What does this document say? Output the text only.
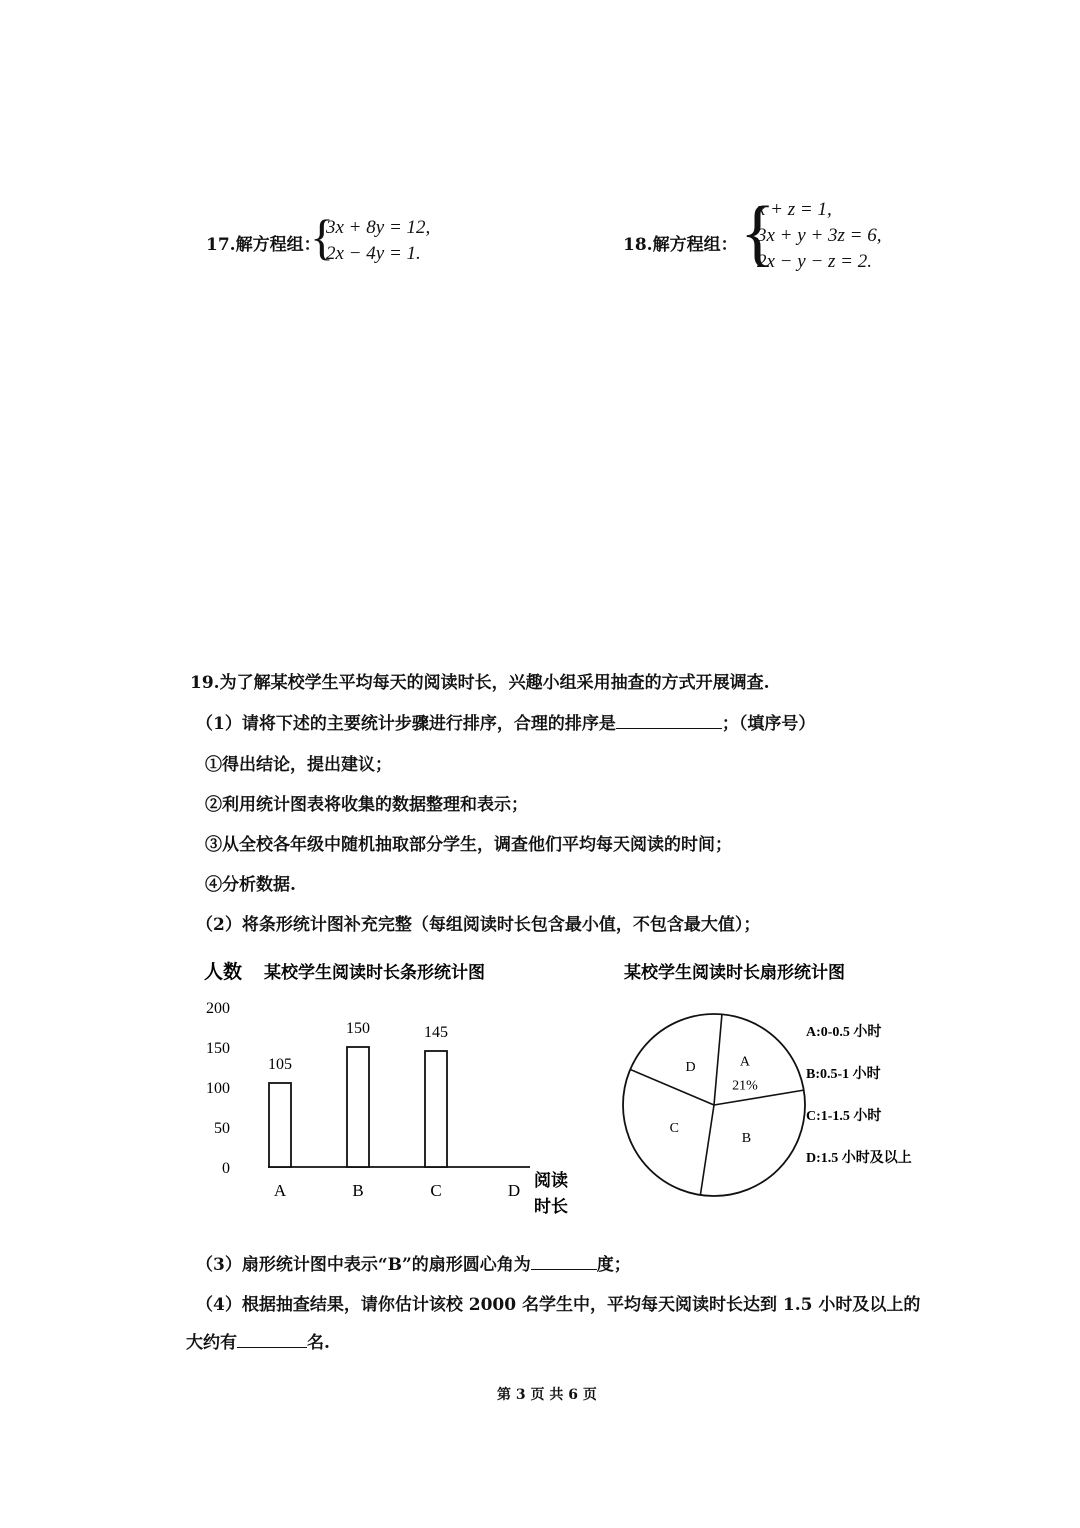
17.解方程组：
{
3x + 8y = 12,
2x − 4y = 1.	18.解方程组： {
x + z = 1,
3x + y + 3z = 6,
2x − y − z = 2.
19.为了解某校学生平均每天的阅读时长，兴趣小组采用抽查的方式开展调查.
（1）请将下述的主要统计步骤进行排序，合理的排序是	；（填序号）
①得出结论，提出建议；
②利用统计图表将收集的数据整理和表示；
③从全校各年级中随机抽取部分学生，调查他们平均每天阅读的时间；
④分析数据.
（2）将条形统计图补充完整（每组阅读时长包含最小值，不包含最大值）；
人数 某校学生阅读时长条形统计图
0
50
100
150
200
105
150	145
A	B	C	D
阅读
时长
某校学生阅读时长扇形统计图
A
21%
B
C
D
A:0-0.5 小时
B:0.5-1 小时
C:1-1.5 小时
D:1.5 小时及以上
（3）扇形统计图中表示“B”的扇形圆心角为	度；
（4）根据抽查结果，请你估计该校 2000 名学生中，平均每天阅读时长达到 1.5 小时及以上的
大约有	名.
第 3 页 共 6 页
